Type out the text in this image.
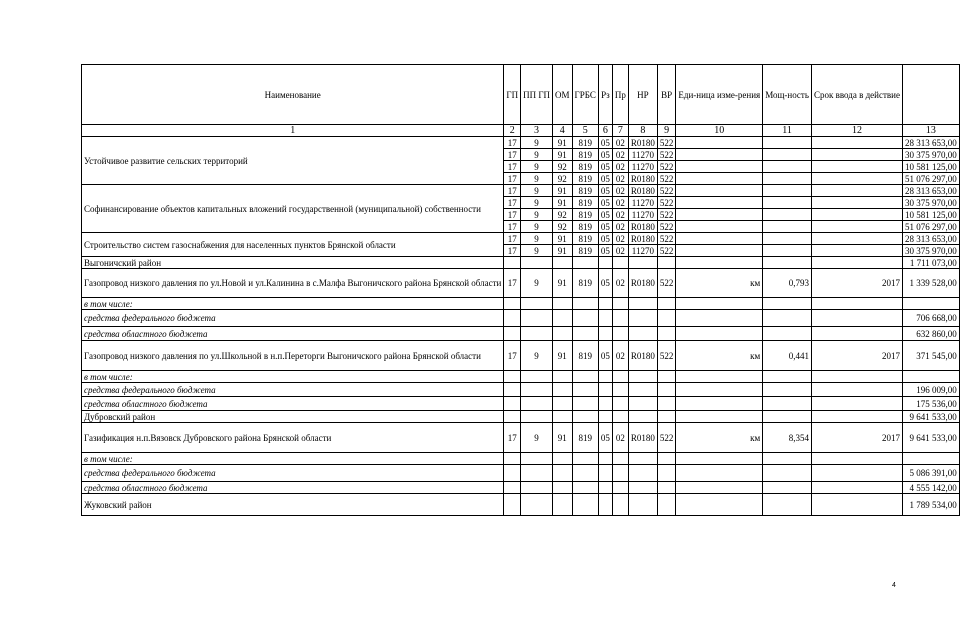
Наименование	ГП	ПП ГП	ОМ	ГРБС	Рз	Пр	НР	ВР	Еди-ница изме-рения	Мощ-ность	Срок ввода в действие	
1	2	3	4	5	6	7	8	9	10	11	12	13
Устойчивое развитие сельских территорий	17	9	91	819	05	02	R0180	522				28 313 653,00
	17	9	91	819	05	02	11270	522				30 375 970,00
	17	9	92	819	05	02	11270	522				10 581 125,00
	17	9	92	819	05	02	R0180	522				51 076 297,00
Софинансирование объектов капитальных вложений государственной (муниципальной) собственности	17	9	91	819	05	02	R0180	522				28 313 653,00
	17	9	91	819	05	02	11270	522				30 375 970,00
	17	9	92	819	05	02	11270	522				10 581 125,00
	17	9	92	819	05	02	R0180	522				51 076 297,00
Строительство систем газоснабжения для населенных пунктов Брянской области	17	9	91	819	05	02	R0180	522				28 313 653,00
	17	9	91	819	05	02	11270	522				30 375 970,00
Выгоничский район												1 711 073,00
Газопровод низкого давления по ул.Новой и ул.Калинина в с.Малфа Выгоничского района Брянской области	17	9	91	819	05	02	R0180	522	км	0,793	2017	1 339 528,00
в том числе:												
средства федерального бюджета												706 668,00
средства областного бюджета												632 860,00
Газопровод низкого давления по ул.Школьной в н.п.Переторги Выгоничского района Брянской области	17	9	91	819	05	02	R0180	522	км	0,441	2017	371 545,00
в том числе:												
средства федерального бюджета												196 009,00
средства областного бюджета												175 536,00
Дубровский район												9 641 533,00
Газификация н.п.Вязовск Дубровского района Брянской области	17	9	91	819	05	02	R0180	522	км	8,354	2017	9 641 533,00
в том числе:												
средства федерального бюджета												5 086 391,00
средства областного бюджета												4 555 142,00
Жуковский район												1 789 534,00
4
